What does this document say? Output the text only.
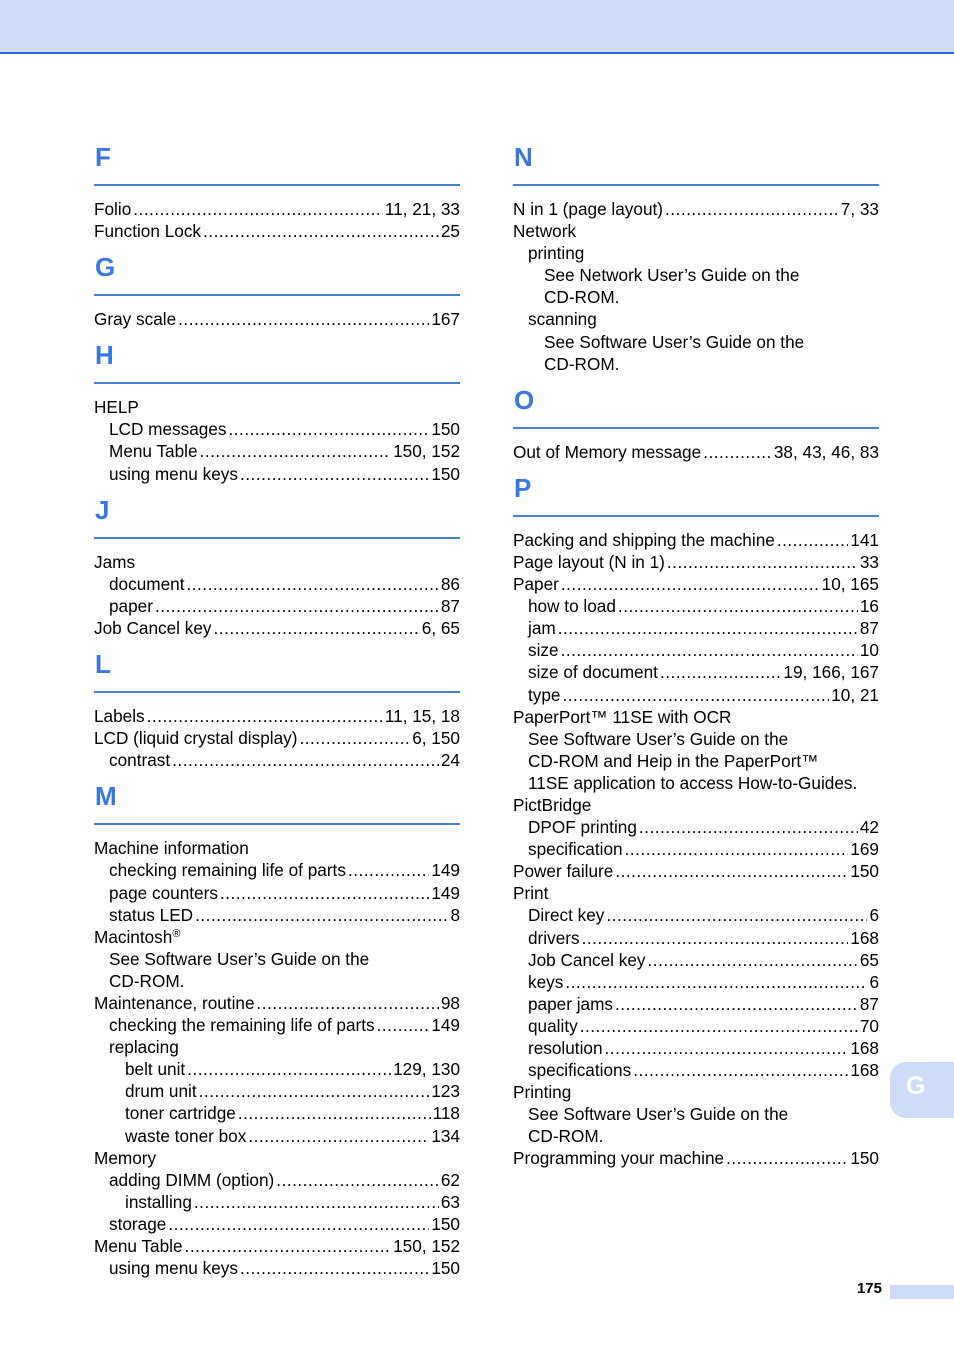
F
Folio .....	11, 21, 33
Function Lock .....	25
G
Gray scale .....	167
H
HELP
LCD messages .....	150
Menu Table .....	150, 152
using menu keys .....	150
J
Jams
document .....	86
paper .....	87
Job Cancel key .....	6, 65
L
Labels .....	11, 15, 18
LCD (liquid crystal display) .....	6, 150
contrast .....	24
M
Machine information
checking remaining life of parts .....	149
page counters .....	149
status LED .....	8
Macintosh®
See Software User’s Guide on the
CD-ROM.
Maintenance, routine .....	98
checking the remaining life of parts .....	149
replacing
belt unit .....	129, 130
drum unit .....	123
toner cartridge .....	118
waste toner box .....	134
Memory
adding DIMM (option) .....	62
installing .....	63
storage .....	150
Menu Table .....	150, 152
using menu keys .....	150
N
N in 1 (page layout) .....	7, 33
Network
printing
See Network User’s Guide on the
CD-ROM.
scanning
See Software User’s Guide on the
CD-ROM.
O
Out of Memory message .....	38, 43, 46, 83
P
Packing and shipping the machine .....	141
Page layout (N in 1) .....	33
Paper .....	10, 165
how to load .....	16
jam .....	87
size .....	10
size of document .....	19, 166, 167
type .....	10, 21
PaperPort™ 11SE with OCR
See Software User’s Guide on the
CD-ROM and Heip in the PaperPort™
11SE application to access How-to-Guides.
PictBridge
DPOF printing .....	42
specification .....	169
Power failure .....	150
Print
Direct key .....	6
drivers .....	168
Job Cancel key .....	65
keys .....	6
paper jams .....	87
quality .....	70
resolution .....	168
specifications .....	168
Printing
See Software User’s Guide on the
CD-ROM.
Programming your machine .....	150
G
175
